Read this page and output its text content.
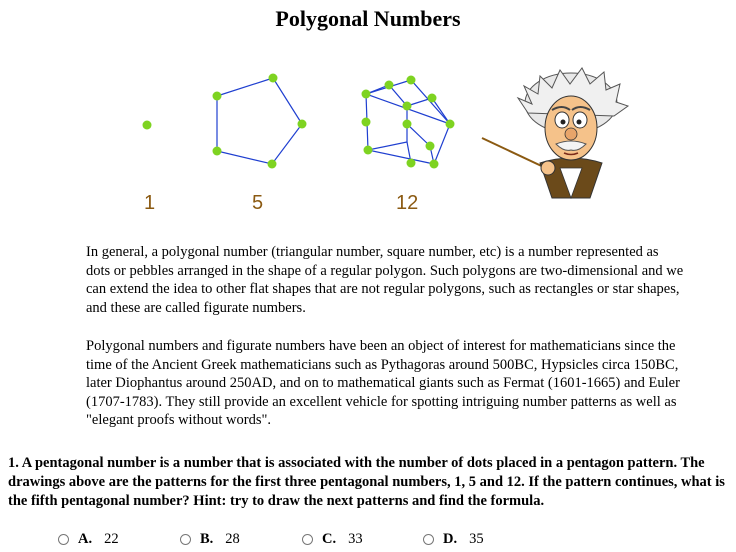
Polygonal Numbers
1	5	12
In general, a polygonal number (triangular number, square number, etc) is a number represented as dots or pebbles arranged in the shape of a regular polygon. Such polygons are two-dimensional and we can extend the idea to other flat shapes that are not regular polygons, such as rectangles or star shapes, and these are called figurate numbers.
Polygonal numbers and figurate numbers have been an object of interest for mathematicians since the time of the Ancient Greek mathematicians such as Pythagoras around 500BC, Hypsicles circa 150BC, later Diophantus around 250AD, and on to mathematical giants such as Fermat (1601-1665) and Euler (1707-1783). They still provide an excellent vehicle for spotting intriguing number patterns as well as "elegant proofs without words".
1. A pentagonal number is a number that is associated with the number of dots placed in a pentagon pattern. The drawings above are the patterns for the first three pentagonal numbers, 1, 5 and 12. If the pattern continues, what is the fifth pentagonal number? Hint: try to draw the next patterns and find the formula.
A. 22	B. 28	C. 33	D. 35
